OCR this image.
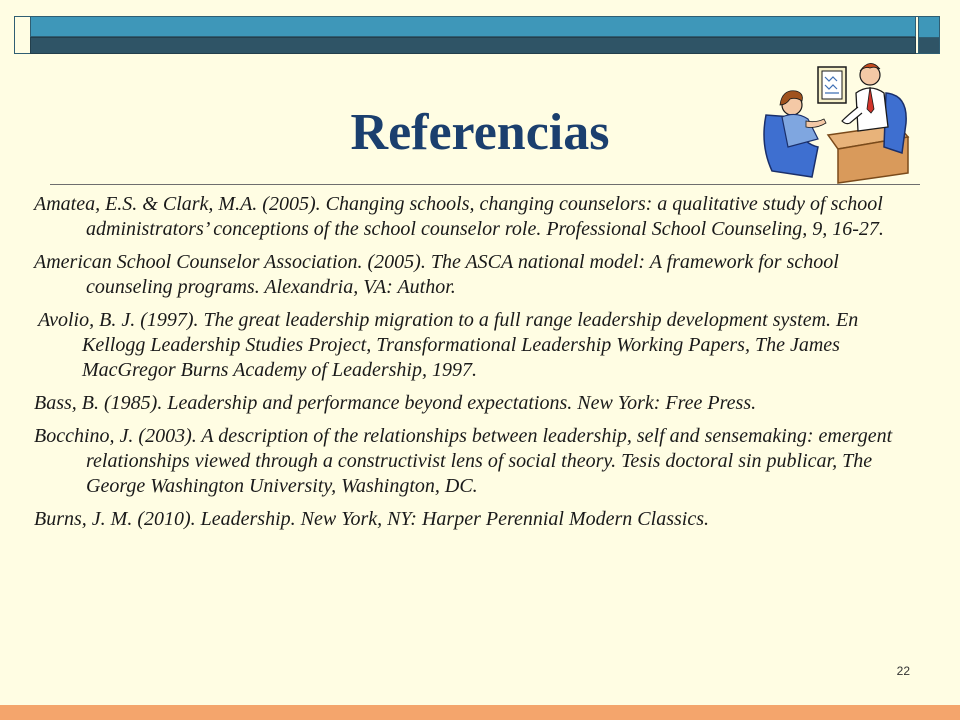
Referencias

Amatea, E.S. & Clark, M.A. (2005). Changing schools, changing counselors: a qualitative study of school administrators’ conceptions of the school counselor role. Professional School Counseling, 9, 16-27.

American School Counselor Association. (2005). The ASCA national model: A framework for school counseling programs. Alexandria, VA: Author.

Avolio, B. J. (1997). The great leadership migration to a full range leadership development system. En Kellogg Leadership Studies Project, Transformational Leadership Working Papers, The James MacGregor Burns Academy of Leadership, 1997.

Bass, B. (1985). Leadership and performance beyond expectations. New York: Free Press.

Bocchino, J. (2003). A description of the relationships between leadership, self and sensemaking: emergent relationships viewed through a constructivist lens of social theory. Tesis doctoral sin publicar, The George Washington University, Washington, DC.

Burns, J. M. (2010). Leadership. New York, NY: Harper Perennial Modern Classics.

22
